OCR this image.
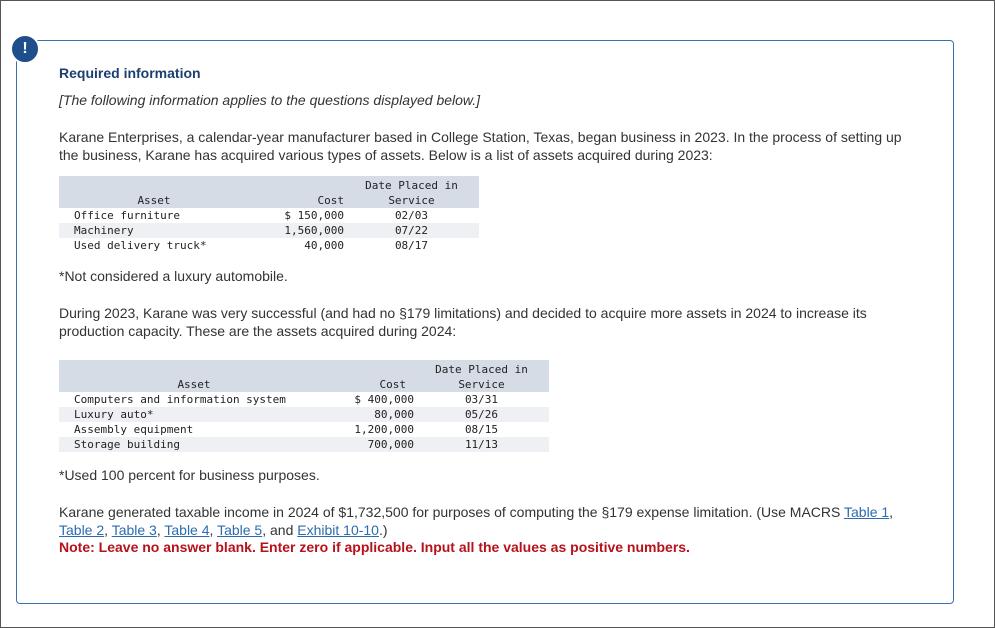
!

Required information

[The following information applies to the questions displayed below.]

Karane Enterprises, a calendar-year manufacturer based in College Station, Texas, began business in 2023. In the process of setting up the business, Karane has acquired various types of assets. Below is a list of assets acquired during 2023:

Asset	Cost	Date Placed in
Service
Office furniture	$ 150,000	02/03
Machinery	1,560,000	07/22
Used delivery truck*	40,000	08/17

*Not considered a luxury automobile.

During 2023, Karane was very successful (and had no §179 limitations) and decided to acquire more assets in 2024 to increase its production capacity. These are the assets acquired during 2024:

Asset	Cost	Date Placed in
Service
Computers and information system	$ 400,000	03/31
Luxury auto*	80,000	05/26
Assembly equipment	1,200,000	08/15
Storage building	700,000	11/13

*Used 100 percent for business purposes.

Karane generated taxable income in 2024 of $1,732,500 for purposes of computing the §179 expense limitation. (Use MACRS Table 1, Table 2, Table 3, Table 4, Table 5, and Exhibit 10-10.)

Note: Leave no answer blank. Enter zero if applicable. Input all the values as positive numbers.
